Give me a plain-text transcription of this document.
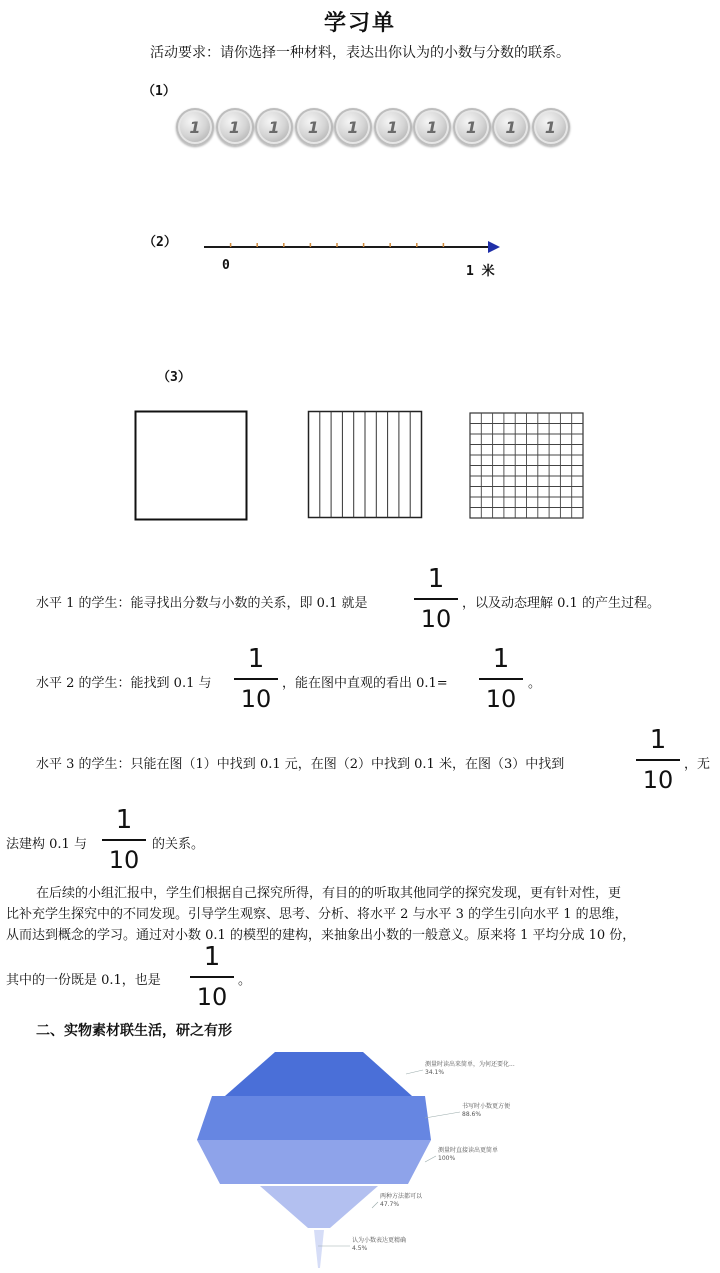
学习单
活动要求：请你选择一种材料，表达出你认为的小数与分数的联系。
（1）
1	1	1	1	1	1	1	1	1	1
（2）
0	1 米
（3）
水平 1 的学生：能寻找出分数与小数的关系，即 0.1 就是
1
10
，以及动态理解 0.1 的产生过程。
水平 2 的学生：能找到 0.1 与
1
10
，能在图中直观的看出 0.1=
1
10
。
水平 3 的学生：只能在图（1）中找到 0.1 元，在图（2）中找到 0.1 米，在图（3）中找到
1
10
，无
法建构 0.1 与
1
10
的关系。
在后续的小组汇报中，学生们根据自己探究所得，有目的的听取其他同学的探究发现，更有针对性，更
比补充学生探究中的不同发现。引导学生观察、思考、分析、将水平 2 与水平 3 的学生引向水平 1 的思维，
从而达到概念的学习。通过对小数 0.1 的模型的建构，来抽象出小数的一般意义。原来将 1 平均分成 10 份，
其中的一份既是 0.1，也是
1
10
。
二、实物素材联生活，研之有形
测量时读出来简单，为何还要化...
34.1%
书写时小数更方便
88.6%
测量时直接读出更简单
100%
两种方法都可以
47.7%
认为小数表达更精确
4.5%
